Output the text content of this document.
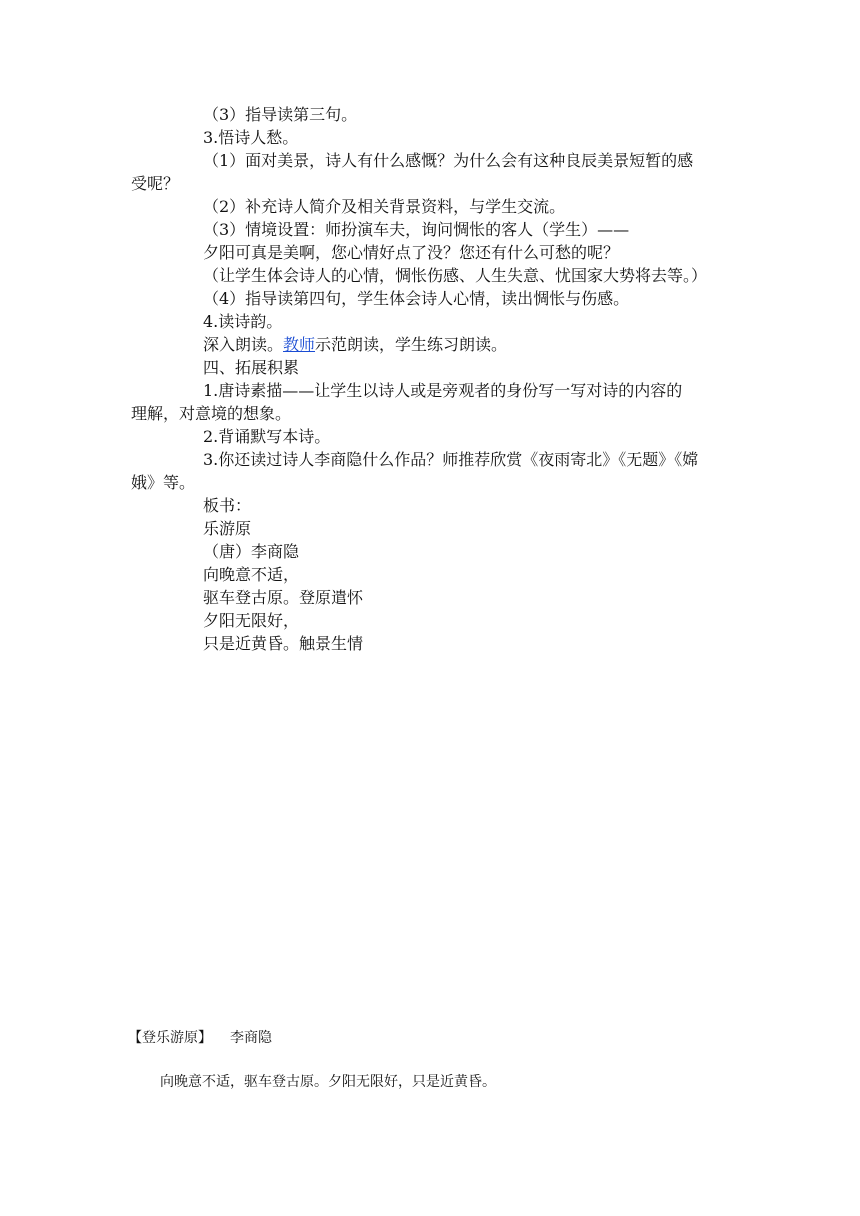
（3）指导读第三句。
3.悟诗人愁。
（1）面对美景，诗人有什么感慨？为什么会有这种良辰美景短暂的感
受呢？
（2）补充诗人简介及相关背景资料，与学生交流。
（3）情境设置：师扮演车夫，询问惆怅的客人（学生）——
夕阳可真是美啊，您心情好点了没？您还有什么可愁的呢？
（让学生体会诗人的心情，惆怅伤感、人生失意、忧国家大势将去等。）
（4）指导读第四句，学生体会诗人心情，读出惆怅与伤感。
4.读诗韵。
深入朗读。教师示范朗读，学生练习朗读。
四、拓展积累
1.唐诗素描——让学生以诗人或是旁观者的身份写一写对诗的内容的
理解，对意境的想象。
2.背诵默写本诗。
3.你还读过诗人李商隐什么作品？师推荐欣赏《夜雨寄北》《无题》《嫦
娥》等。
板书：
乐游原
（唐）李商隐
向晚意不适，
驱车登古原。登原遣怀
夕阳无限好，
只是近黄昏。触景生情
【登乐游原】 李商隐
向晚意不适，驱车登古原。夕阳无限好，只是近黄昏。
